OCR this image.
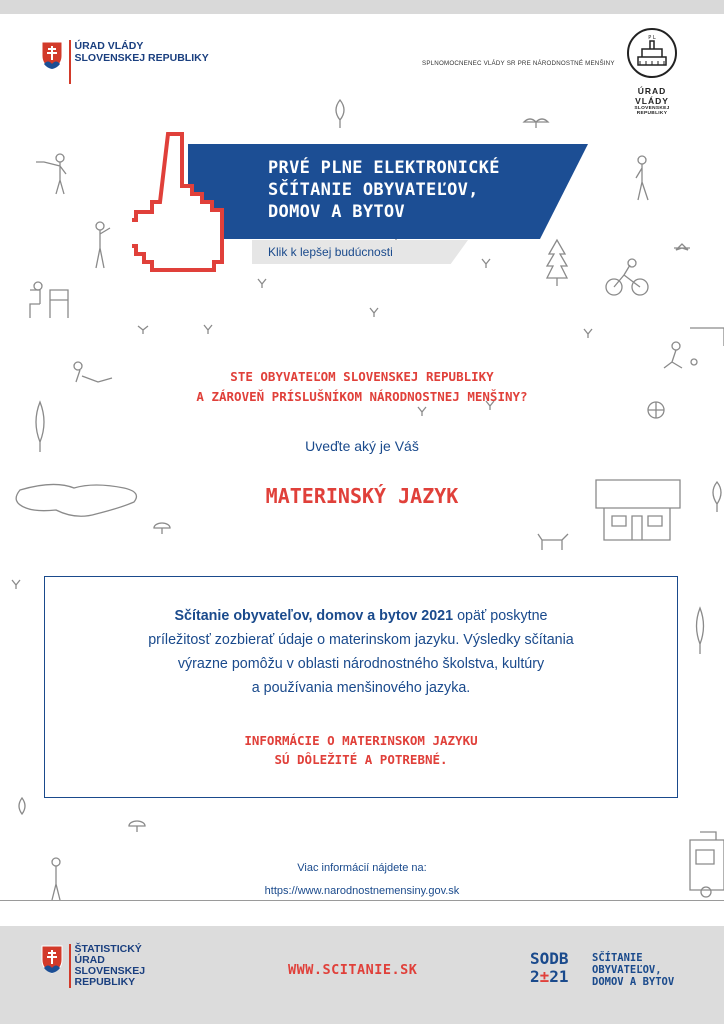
ÚRAD VLÁDY
SLOVENSKEJ REPUBLIKY	SPLNOMOCNENEC VLÁDY SR PRE NÁRODNOSTNÉ MENŠINY
P L
ÚRAD VLÁDY
SLOVENSKEJ REPUBLIKY
PRVÉ PLNE ELEKTRONICKÉ
SČÍTANIE OBYVATEĽOV,
DOMOV A BYTOV
Klik k lepšej budúcnosti
STE OBYVATEĽOM SLOVENSKEJ REPUBLIKY
A ZÁROVEŇ PRÍSLUŠNÍKOM NÁRODNOSTNEJ MENŠINY?
Uveďte aký je Váš
MATERINSKÝ JAZYK
Sčítanie obyvateľov, domov a bytov 2021 opäť poskytne
príležitosť zozbierať údaje o materinskom jazyku. Výsledky sčítania
výrazne pomôžu v oblasti národnostného školstva, kultúry
a používania menšinového jazyka.
INFORMÁCIE O MATERINSKOM JAZYKU
SÚ DÔLEŽITÉ A POTREBNÉ.
Viac informácií nájdete na:
https://www.narodnostnemensiny.gov.sk
ŠTATISTICKÝ
ÚRAD
SLOVENSKEJ
REPUBLIKY
WWW.SCITANIE.SK
SODB
2±21
SČÍTANIE
OBYVATEĽOV,
DOMOV A BYTOV
